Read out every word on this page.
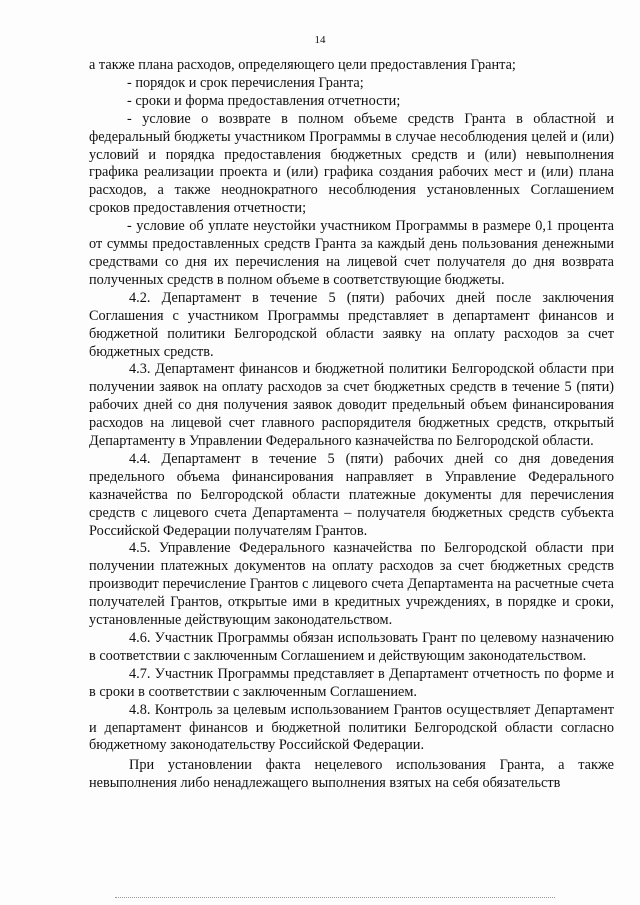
14

а также плана расходов, определяющего цели предоставления Гранта;

- порядок и срок перечисления Гранта;

- сроки и форма предоставления отчетности;

- условие о возврате в полном объеме средств Гранта в областной и федеральный бюджеты участником Программы в случае несоблюдения целей и (или) условий и порядка предоставления бюджетных средств и (или) невыполнения графика реализации проекта и (или) графика создания рабочих мест и (или) плана расходов, а также неоднократного несоблюдения установленных Соглашением сроков предоставления отчетности;

- условие об уплате неустойки участником Программы в размере 0,1 процента от суммы предоставленных средств Гранта за каждый день пользования денежными средствами со дня их перечисления на лицевой счет получателя до дня возврата полученных средств в полном объеме в соответствующие бюджеты.

4.2. Департамент в течение 5 (пяти) рабочих дней после заключения Соглашения с участником Программы представляет в департамент финансов и бюджетной политики Белгородской области заявку на оплату расходов за счет бюджетных средств.

4.3. Департамент финансов и бюджетной политики Белгородской области при получении заявок на оплату расходов за счет бюджетных средств в течение 5 (пяти) рабочих дней со дня получения заявок доводит предельный объем финансирования расходов на лицевой счет главного распорядителя бюджетных средств, открытый Департаменту в Управлении Федерального казначейства по Белгородской области.

4.4. Департамент в течение 5 (пяти) рабочих дней со дня доведения предельного объема финансирования направляет в Управление Федерального казначейства по Белгородской области платежные документы для перечисления средств с лицевого счета Департамента – получателя бюджетных средств субъекта Российской Федерации получателям Грантов.

4.5. Управление Федерального казначейства по Белгородской области при получении платежных документов на оплату расходов за счет бюджетных средств производит перечисление Грантов с лицевого счета Департамента на расчетные счета получателей Грантов, открытые ими в кредитных учреждениях, в порядке и сроки, установленные действующим законодательством.

4.6. Участник Программы обязан использовать Грант по целевому назначению в соответствии с заключенным Соглашением и действующим законодательством.

4.7. Участник Программы представляет в Департамент отчетность по форме и в сроки в соответствии с заключенным Соглашением.

4.8. Контроль за целевым использованием Грантов осуществляет Департамент и департамент финансов и бюджетной политики Белгородской области согласно бюджетному законодательству Российской Федерации.

При установлении факта нецелевого использования Гранта, а также невыполнения либо ненадлежащего выполнения взятых на себя обязательств
